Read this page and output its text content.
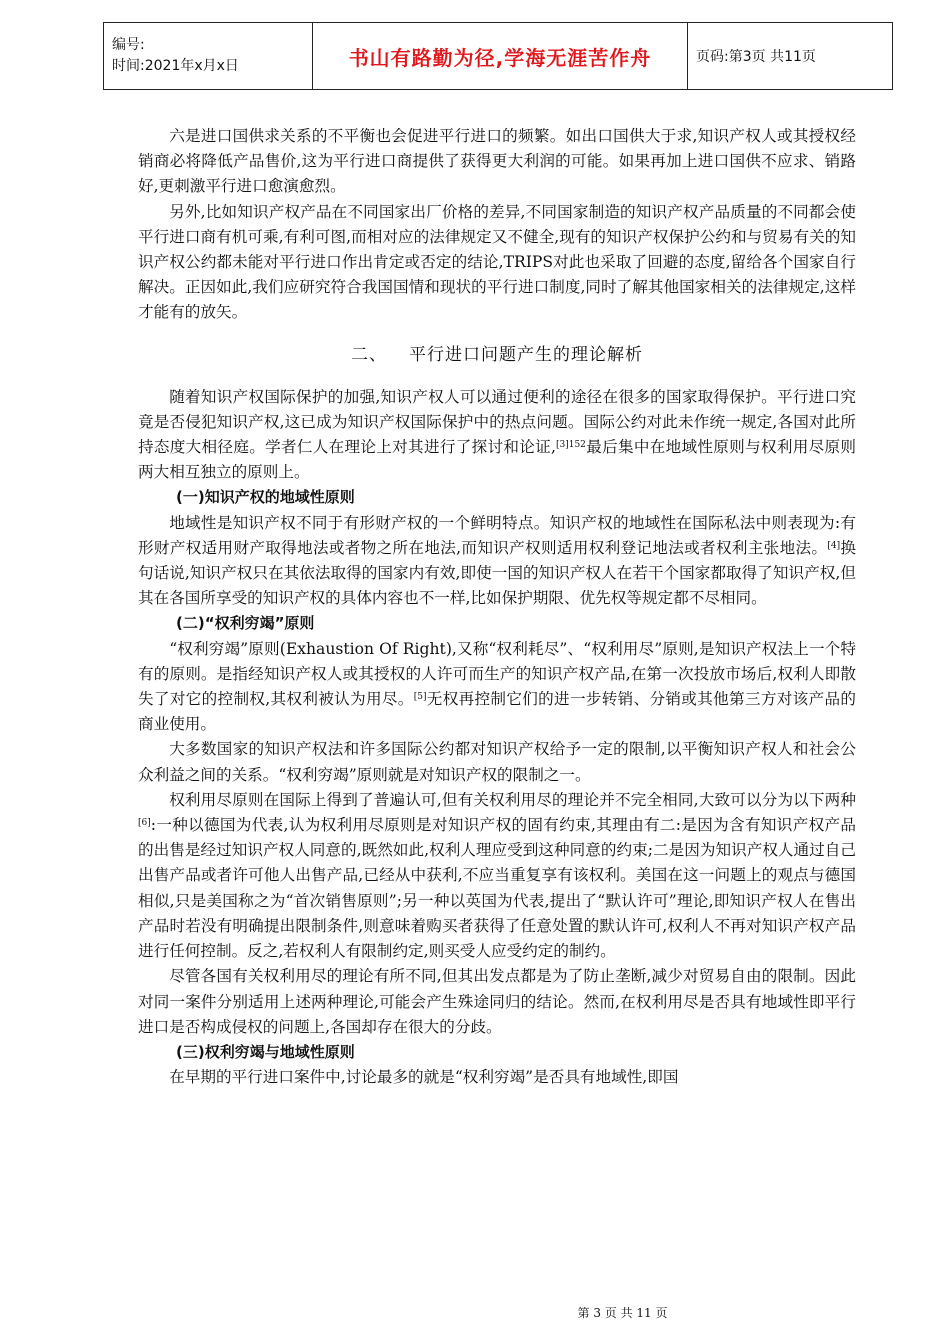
编号:
时间:2021年x月x日	书山有路勤为径,学海无涯苦作舟	页码:第3页 共11页

六是进口国供求关系的不平衡也会促进平行进口的频繁。如出口国供大于求,知识产权人或其授权经销商必将降低产品售价,这为平行进口商提供了获得更大利润的可能。如果再加上进口国供不应求、销路好,更刺激平行进口愈演愈烈。

另外,比如知识产权产品在不同国家出厂价格的差异,不同国家制造的知识产权产品质量的不同都会使平行进口商有机可乘,有利可图,而相对应的法律规定又不健全,现有的知识产权保护公约和与贸易有关的知识产权公约都未能对平行进口作出肯定或否定的结论,TRIPS对此也采取了回避的态度,留给各个国家自行解决。正因如此,我们应研究符合我国国情和现状的平行进口制度,同时了解其他国家相关的法律规定,这样才能有的放矢。

二、 平行进口问题产生的理论解析

随着知识产权国际保护的加强,知识产权人可以通过便利的途径在很多的国家取得保护。平行进口究竟是否侵犯知识产权,这已成为知识产权国际保护中的热点问题。国际公约对此未作统一规定,各国对此所持态度大相径庭。学者仁人在理论上对其进行了探讨和论证,$^{[3]152}$最后集中在地域性原则与权利用尽原则两大相互独立的原则上。

(一)知识产权的地域性原则

地域性是知识产权不同于有形财产权的一个鲜明特点。知识产权的地域性在国际私法中则表现为:有形财产权适用财产取得地法或者物之所在地法,而知识产权则适用权利登记地法或者权利主张地法。[4]换句话说,知识产权只在其依法取得的国家内有效,即使一国的知识产权人在若干个国家都取得了知识产权,但其在各国所享受的知识产权的具体内容也不一样,比如保护期限、优先权等规定都不尽相同。

(二)“权利穷竭”原则

“权利穷竭”原则(Exhaustion Of Right),又称“权利耗尽”、“权利用尽”原则,是知识产权法上一个特有的原则。是指经知识产权人或其授权的人许可而生产的知识产权产品,在第一次投放市场后,权利人即散失了对它的控制权,其权利被认为用尽。[5]无权再控制它们的进一步转销、分销或其他第三方对该产品的商业使用。

大多数国家的知识产权法和许多国际公约都对知识产权给予一定的限制,以平衡知识产权人和社会公众利益之间的关系。“权利穷竭”原则就是对知识产权的限制之一。

权利用尽原则在国际上得到了普遍认可,但有关权利用尽的理论并不完全相同,大致可以分为以下两种[6]:一种以德国为代表,认为权利用尽原则是对知识产权的固有约束,其理由有二:是因为含有知识产权产品的出售是经过知识产权人同意的,既然如此,权利人理应受到这种同意的约束;二是因为知识产权人通过自己出售产品或者许可他人出售产品,已经从中获利,不应当重复享有该权利。美国在这一问题上的观点与德国相似,只是美国称之为“首次销售原则”;另一种以英国为代表,提出了“默认许可”理论,即知识产权人在售出产品时若没有明确提出限制条件,则意味着购买者获得了任意处置的默认许可,权利人不再对知识产权产品进行任何控制。反之,若权利人有限制约定,则买受人应受约定的制约。

尽管各国有关权利用尽的理论有所不同,但其出发点都是为了防止垄断,减少对贸易自由的限制。因此对同一案件分别适用上述两种理论,可能会产生殊途同归的结论。然而,在权利用尽是否具有地域性即平行进口是否构成侵权的问题上,各国却存在很大的分歧。

(三)权利穷竭与地域性原则

在早期的平行进口案件中,讨论最多的就是“权利穷竭”是否具有地域性,即国

第 3 页 共 11 页
